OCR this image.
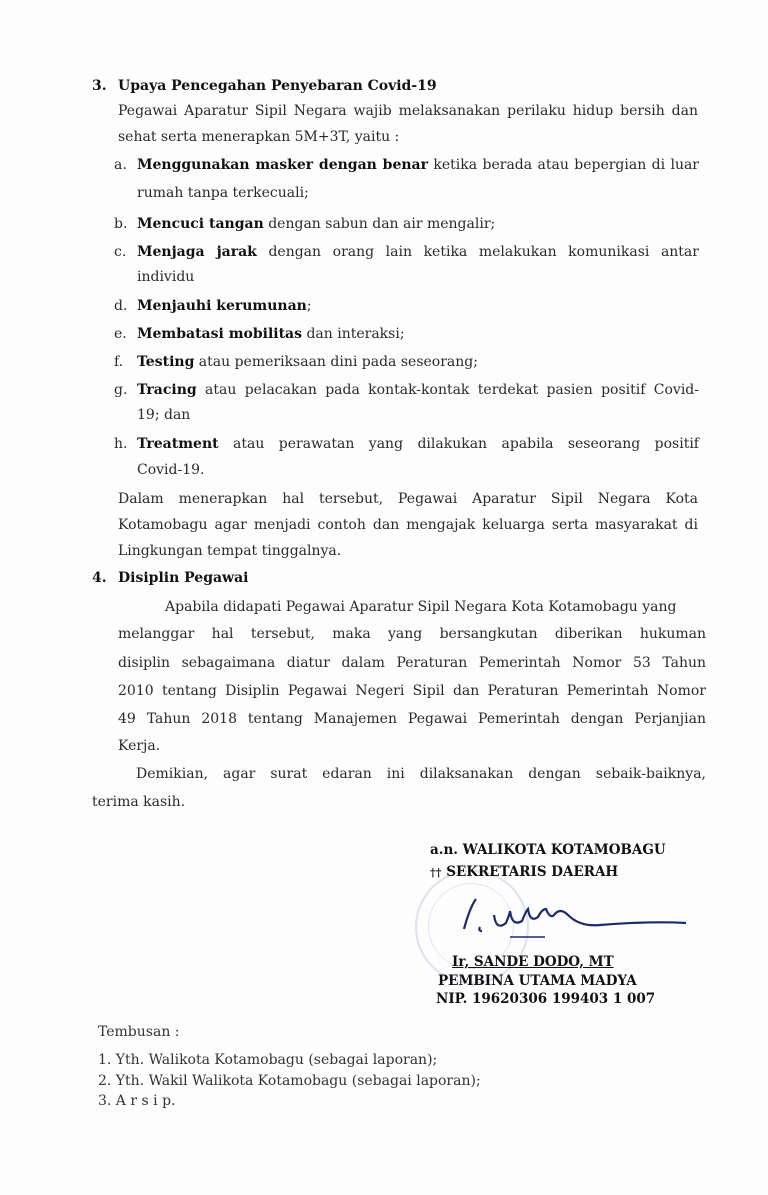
3. Upaya Pencegahan Penyebaran Covid-19
Pegawai Aparatur Sipil Negara wajib melaksanakan perilaku hidup bersih dan
sehat serta menerapkan 5M+3T, yaitu :
a. Menggunakan masker dengan benar ketika berada atau bepergian di luar
rumah tanpa terkecuali;
b. Mencuci tangan dengan sabun dan air mengalir;
c. Menjaga jarak dengan orang lain ketika melakukan komunikasi antar
individu
d. Menjauhi kerumunan;
e. Membatasi mobilitas dan interaksi;
f. Testing atau pemeriksaan dini pada seseorang;
g. Tracing atau pelacakan pada kontak-kontak terdekat pasien positif Covid-
19; dan
h. Treatment atau perawatan yang dilakukan apabila seseorang positif
Covid-19.
Dalam menerapkan hal tersebut, Pegawai Aparatur Sipil Negara Kota
Kotamobagu agar menjadi contoh dan mengajak keluarga serta masyarakat di
Lingkungan tempat tinggalnya.
4. Disiplin Pegawai
Apabila didapati Pegawai Aparatur Sipil Negara Kota Kotamobagu yang
melanggar hal tersebut, maka yang bersangkutan diberikan hukuman
disiplin sebagaimana diatur dalam Peraturan Pemerintah Nomor 53 Tahun
2010 tentang Disiplin Pegawai Negeri Sipil dan Peraturan Pemerintah Nomor
49 Tahun 2018 tentang Manajemen Pegawai Pemerintah dengan Perjanjian
Kerja.
Demikian, agar surat edaran ini dilaksanakan dengan sebaik-baiknya,
terima kasih.
a.n. WALIKOTA KOTAMOBAGU
†† SEKRETARIS DAERAH
Ir, SANDE DODO, MT
PEMBINA UTAMA MADYA
NIP. 19620306 199403 1 007
Tembusan :
1. Yth. Walikota Kotamobagu (sebagai laporan);
2. Yth. Wakil Walikota Kotamobagu (sebagai laporan);
3. A r s i p.
